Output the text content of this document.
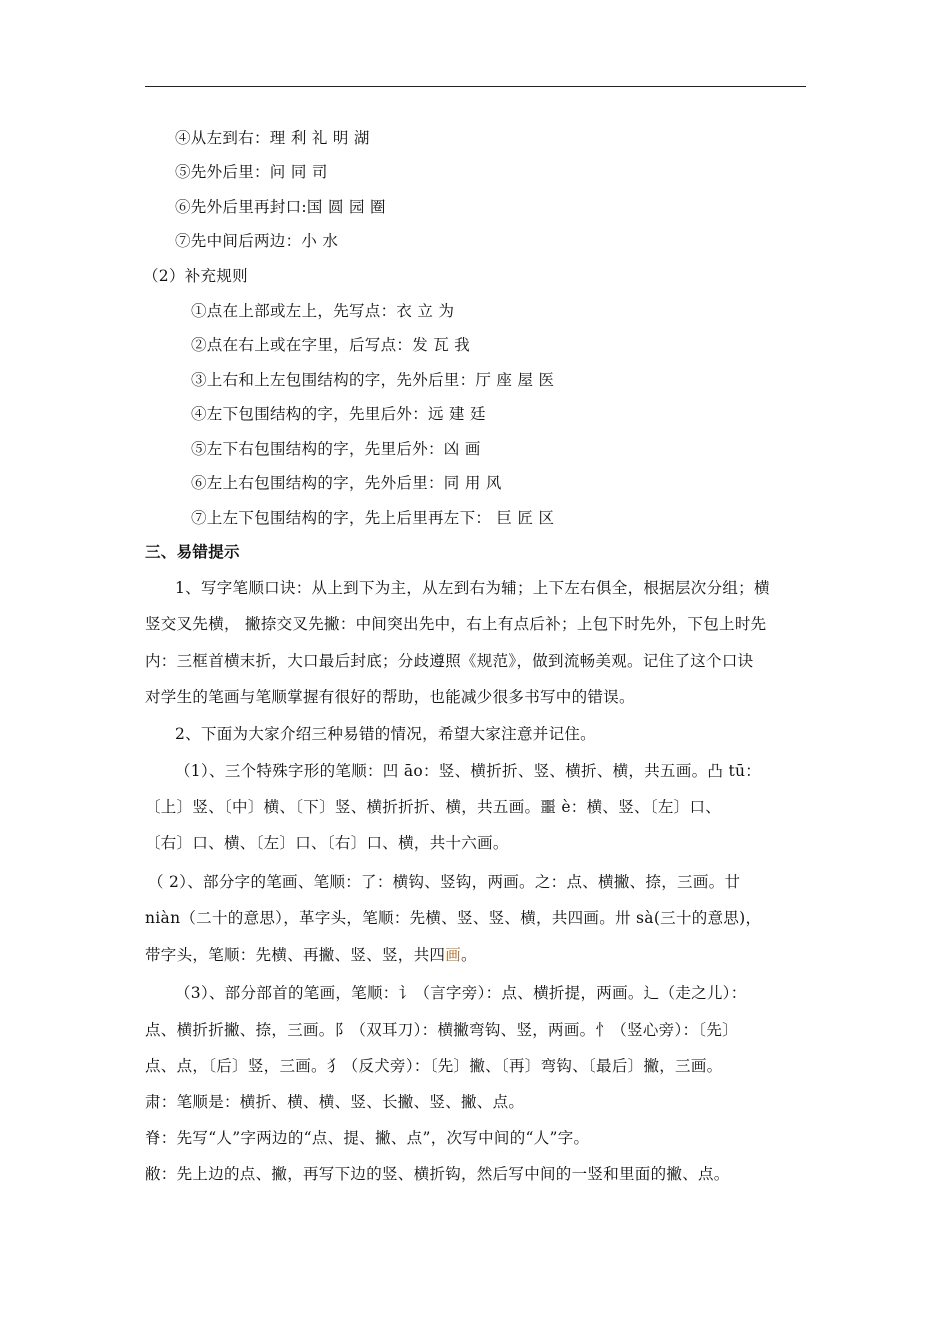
④从左到右：理 利 礼 明 湖
⑤先外后里：问 同 司
⑥先外后里再封口:国 圆 园 圈
⑦先中间后两边：小 水
（2）补充规则
①点在上部或左上，先写点：衣 立 为
②点在右上或在字里，后写点：发 瓦 我
③上右和上左包围结构的字，先外后里：厅 座 屋 医
④左下包围结构的字，先里后外：远 建 廷
⑤左下右包围结构的字，先里后外：凶 画
⑥左上右包围结构的字，先外后里：同 用 风
⑦上左下包围结构的字，先上后里再左下： 巨 匠 区
三、易错提示
1、写字笔顺口诀：从上到下为主，从左到右为辅；上下左右俱全，根据层次分组；横
竖交叉先横， 撇捺交叉先撇：中间突出先中，右上有点后补；上包下时先外，下包上时先
内：三框首横末折，大口最后封底；分歧遵照《规范》，做到流畅美观。记住了这个口诀
对学生的笔画与笔顺掌握有很好的帮助，也能减少很多书写中的错误。
2、下面为大家介绍三种易错的情况，希望大家注意并记住。
（1）、三个特殊字形的笔顺：凹 āo：竖、横折折、竖、横折、横，共五画。凸 tū：
〔上〕竖、〔中〕横、〔下〕竖、横折折折、横，共五画。噩 è：横、竖、〔左〕口、
〔右〕口、横、〔左〕口、〔右〕口、横，共十六画。
（ 2）、部分字的笔画、笔顺：了：横钩、竖钩，两画。之：点、横撇、捺，三画。廿
niàn（二十的意思），革字头，笔顺：先横、竖、竖、横，共四画。卅 sà(三十的意思)，
带字头，笔顺：先横、再撇、竖、竖，共四画。
（3）、部分部首的笔画，笔顺：讠（言字旁）：点、横折提，两画。辶（走之儿）：
点、横折折撇、捺，三画。阝（双耳刀）：横撇弯钩、竖，两画。忄（竖心旁）：〔先〕
点、点，〔后〕竖，三画。犭（反犬旁）：〔先〕撇、〔再〕弯钩、〔最后〕撇，三画。
肃：笔顺是：横折、横、横、竖、长撇、竖、撇、点。
脊：先写“人”字两边的“点、提、撇、点”，次写中间的“人”字。
敝：先上边的点、撇，再写下边的竖、横折钩，然后写中间的一竖和里面的撇、点。
